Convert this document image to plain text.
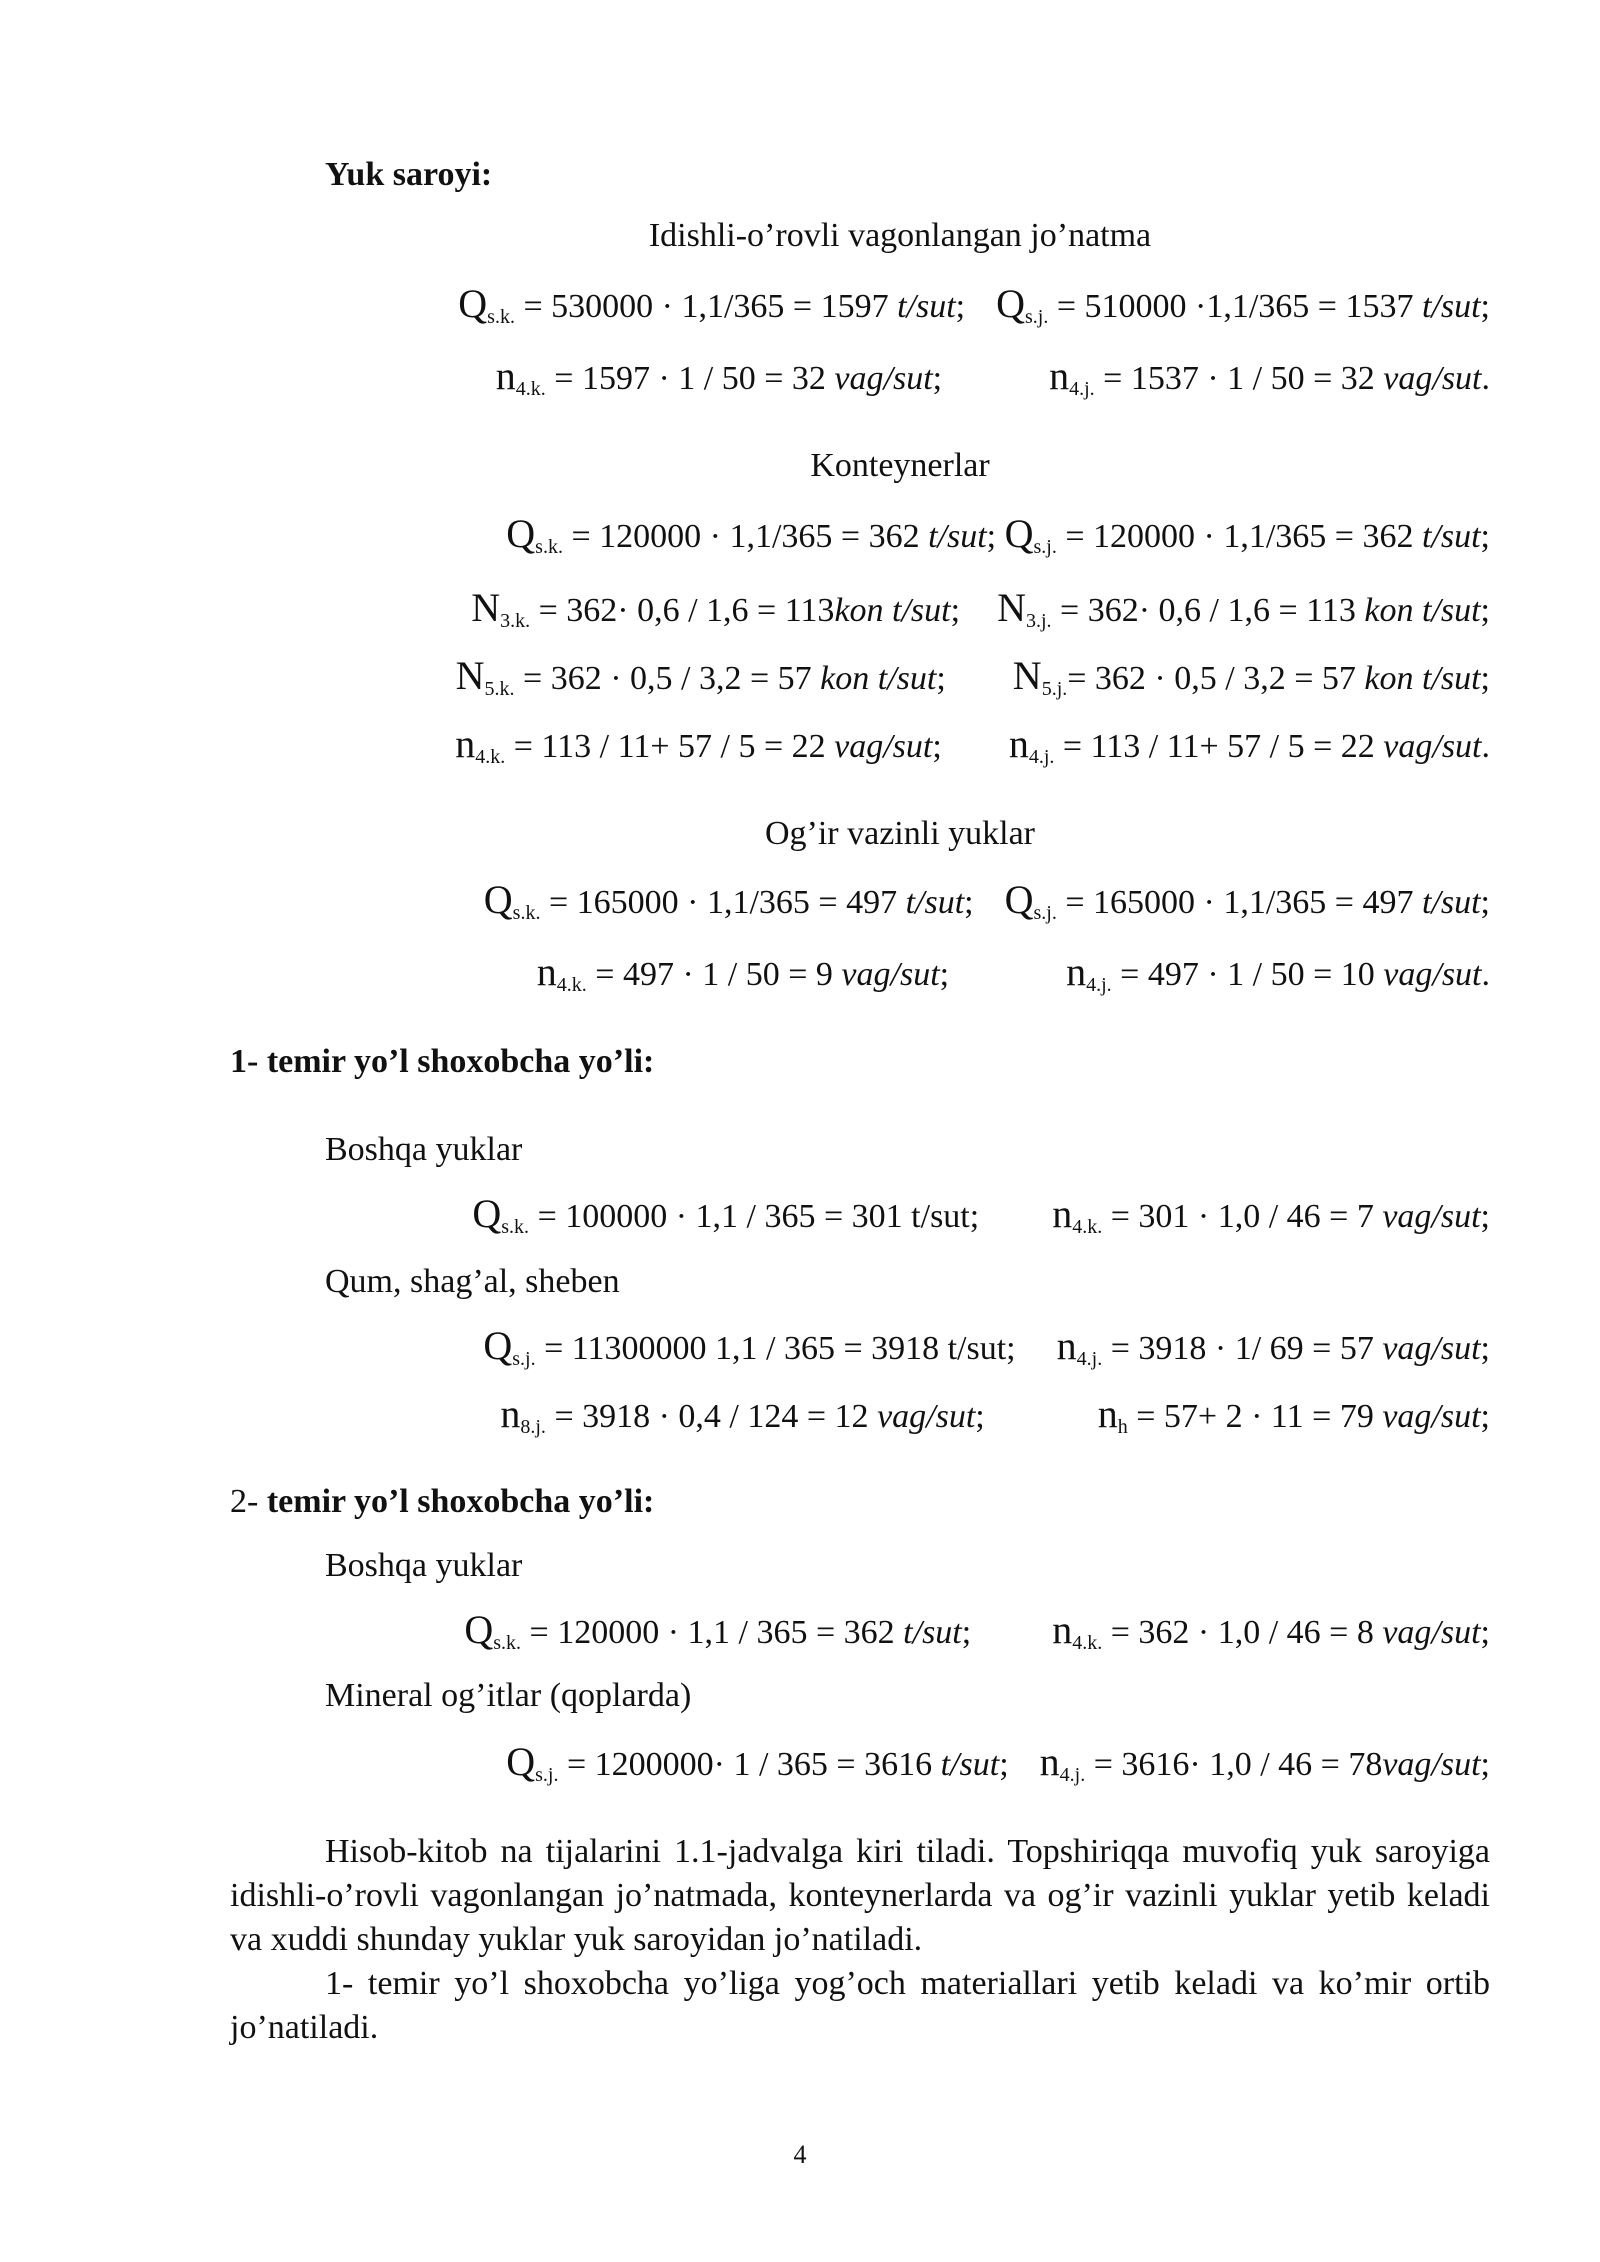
Yuk saroyi:
Idishli-o’rovli vagonlangan jo’natma
$Q_{s.k.} = 530000 \cdot 1,1/365 = 1597$ t/sut; $Q_{s.j.} = 510000 \cdot 1,1/365 = 1537$ t/sut;
$n_{4.k.} = 1597 \cdot 1 / 50 = 32$ vag/sut;	$n_{4.j.} = 1537 \cdot 1 / 50 = 32$ vag/sut.
Konteynerlar
$Q_{s.k.} = 120000 \cdot 1,1/365 = 362$ t/sut; $Q_{s.j.} = 120000 \cdot 1,1/365 = 362$ t/sut;
$N_{3.k.} = 362\cdot 0,6 / 1,6 = 113kon$ t/sut; $N_{3.j.} = 362\cdot 0,6 / 1,6 = 113$ kon t/sut;
$N_{5.k.} = 362 \cdot 0,5 / 3,2 = 57$ kon t/sut; $N_{5.j.}= 362 \cdot 0,5 / 3,2 = 57$ kon t/sut;
$n_{4.k.} = 113 / 11+ 57 / 5 = 22$ vag/sut; $n_{4.j.} = 113 / 11+ 57 / 5 = 22$ vag/sut.
Og’ir vazinli yuklar
$Q_{s.k.} = 165000 \cdot 1,1/365 = 497$ t/sut; $Q_{s.j.} = 165000 \cdot 1,1/365 = 497$ t/sut;
$n_{4.k.} = 497 \cdot 1 / 50 = 9$ vag/sut;	$n_{4.j.} = 497 \cdot 1 / 50 = 10$ vag/sut.
1- temir yo’l shoxobcha yo’li:
Boshqa yuklar
$Q_{s.k.} = 100000 \cdot 1,1 / 365 = 301$ t/sut; $n_{4.k.} = 301 \cdot 1,0 / 46 = 7$ vag/sut;
Qum, shag’al, sheben
$Q_{s.j.} = 11300000$ 1,1 / 365 = 3918 t/sut; $n_{4.j.} = 3918 \cdot 1/$ 69 = 57 vag/sut;
$n_{8.j.} = 3918 \cdot 0,4 / 124 = 12$ vag/sut;	$n_h = 57+ 2 \cdot 11 = 79$ vag/sut;
2- temir yo’l shoxobcha yo’li:
Boshqa yuklar
$Q_{s.k.} = 120000 \cdot 1,1 / 365 = 362$ t/sut; $n_{4.k.} = 362 \cdot 1,0 / 46 = 8$ vag/sut;
Mineral og’itlar (qoplarda)
$Q_{s.j.} = 1200000\cdot 1 / 365 = 3616$ t/sut; $n_{4.j.} = 3616\cdot 1,0 / 46 = 78vag/sut$;
Hisob-kitob na tijalarini 1.1-jadvalga kiri tiladi. Topshiriqqa muvofiq yuk saroyiga idishli-o’rovli vagonlangan jo’natmada, konteynerlarda va og’ir vazinli yuklar yetib keladi va xuddi shunday yuklar yuk saroyidan jo’natiladi.
1- temir yo’l shoxobcha yo’liga yog’och materiallari yetib keladi va ko’mir ortib jo’natiladi.
4
